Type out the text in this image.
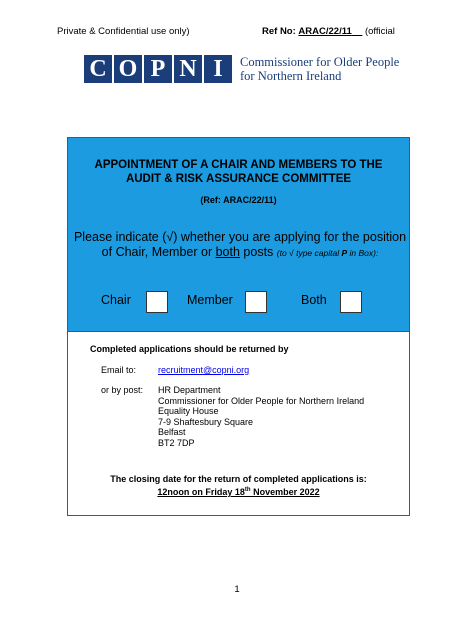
Private & Confidential use only)	Ref No: ARAC/22/11 (official
C O P N I	Commissioner for Older People
for Northern Ireland
APPOINTMENT OF A CHAIR AND MEMBERS TO THE
AUDIT & RISK ASSURANCE COMMITTEE
(Ref: ARAC/22/11)
Please indicate (√) whether you are applying for the position of Chair, Member or both posts (to √ type capital P in Box):
Chair	Member	Both
Completed applications should be returned by
Email to: recruitment@copni.org
or by post: HR Department
Commissioner for Older People for Northern Ireland
Equality House
7-9 Shaftesbury Square
Belfast
BT2 7DP
The closing date for the return of completed applications is:
12noon on Friday 18th November 2022
1
